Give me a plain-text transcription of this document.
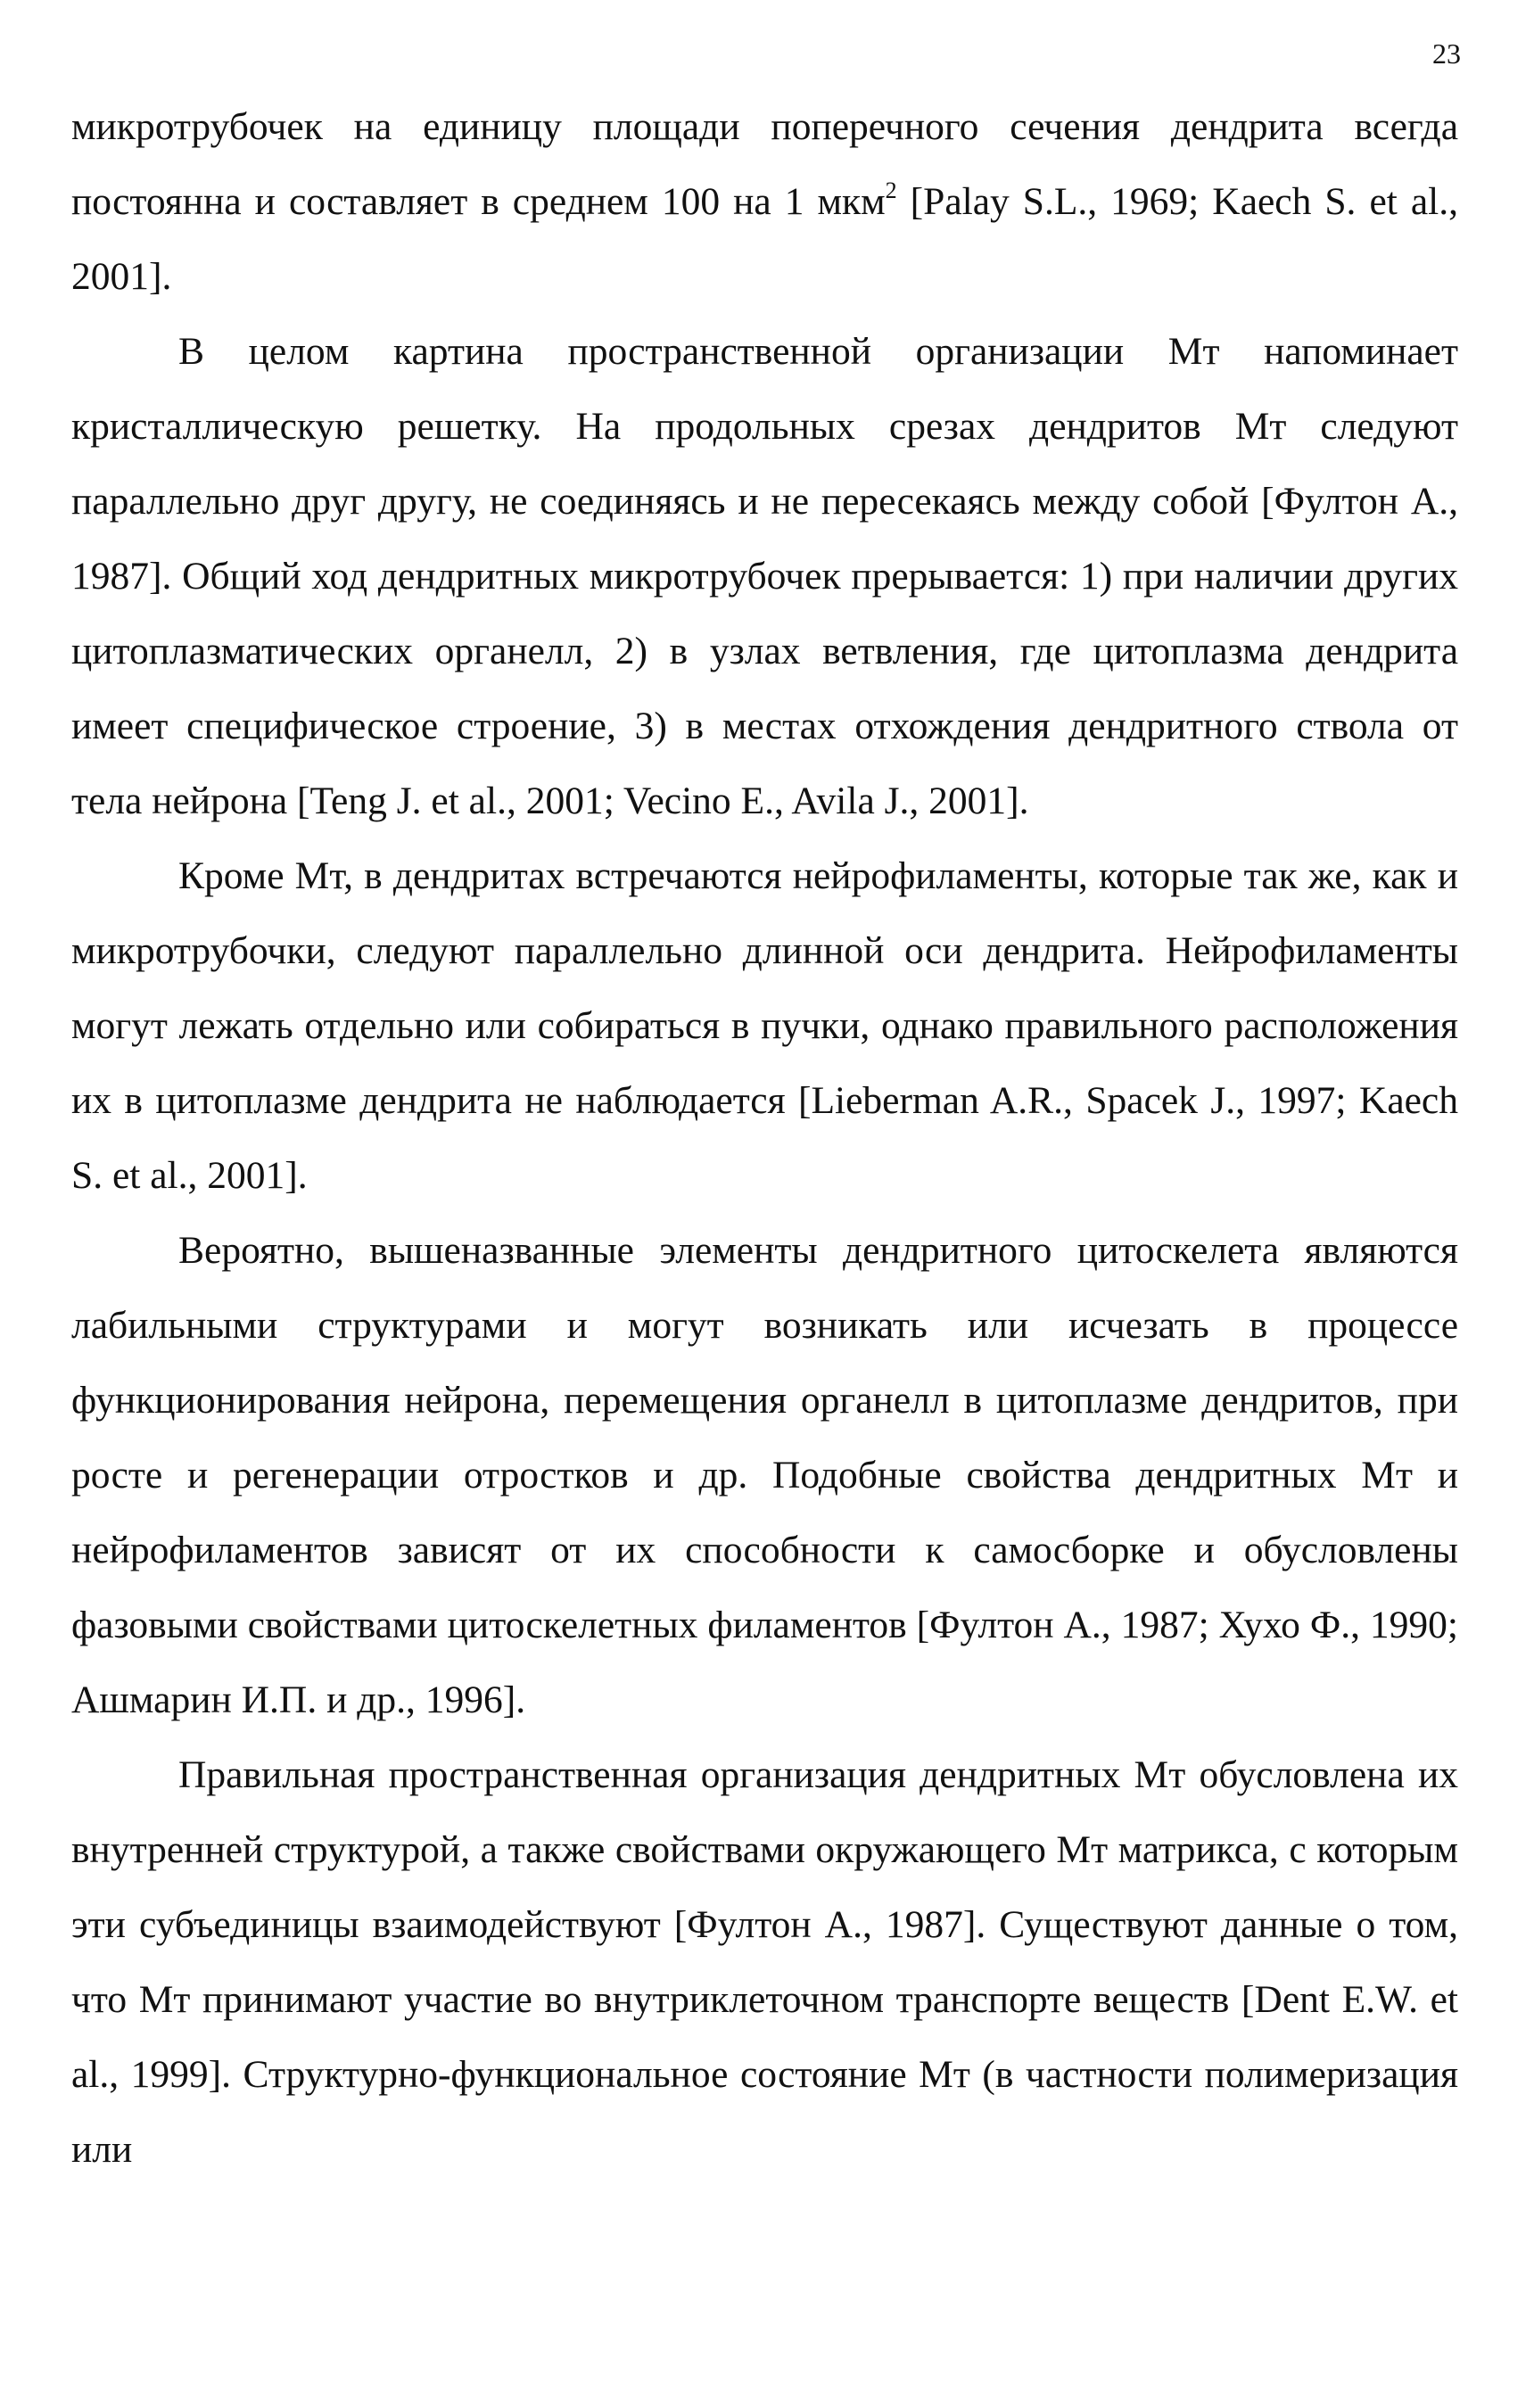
23

микротрубочек на единицу площади поперечного сечения дендрита всегда постоянна и составляет в среднем 100 на 1 мкм$^2$ [Palay S.L., 1969; Kaech S. et al., 2001].

В целом картина пространственной организации Мт напоминает кристаллическую решетку. На продольных срезах дендритов Мт следуют параллельно друг другу, не соединяясь и не пересекаясь между собой [Фултон А., 1987]. Общий ход дендритных микротрубочек прерывается: 1) при наличии других цитоплазматических органелл, 2) в узлах ветвления, где цитоплазма дендрита имеет специфическое строение, 3) в местах отхождения дендритного ствола от тела нейрона [Teng J. et al., 2001; Vecino E., Avila J., 2001].

Кроме Мт, в дендритах встречаются нейрофиламенты, которые так же, как и микротрубочки, следуют параллельно длинной оси дендрита. Нейрофиламенты могут лежать отдельно или собираться в пучки, однако правильного расположения их в цитоплазме дендрита не наблюдается [Lieberman A.R., Spacek J., 1997; Kaech S. et al., 2001].

Вероятно, вышеназванные элементы дендритного цитоскелета являются лабильными структурами и могут возникать или исчезать в процессе функционирования нейрона, перемещения органелл в цитоплазме дендритов, при росте и регенерации отростков и др. Подобные свойства дендритных Мт и нейрофиламентов зависят от их способности к самосборке и обусловлены фазовыми свойствами цитоскелетных филаментов [Фултон А., 1987; Хухо Ф., 1990; Ашмарин И.П. и др., 1996].

Правильная пространственная организация дендритных Мт обусловлена их внутренней структурой, а также свойствами окружающего Мт матрикса, с которым эти субъединицы взаимодействуют [Фултон А., 1987]. Существуют данные о том, что Мт принимают участие во внутриклеточном транспорте веществ [Dent E.W. et al., 1999]. Структурно-функциональное состояние Мт (в частности полимеризация или
